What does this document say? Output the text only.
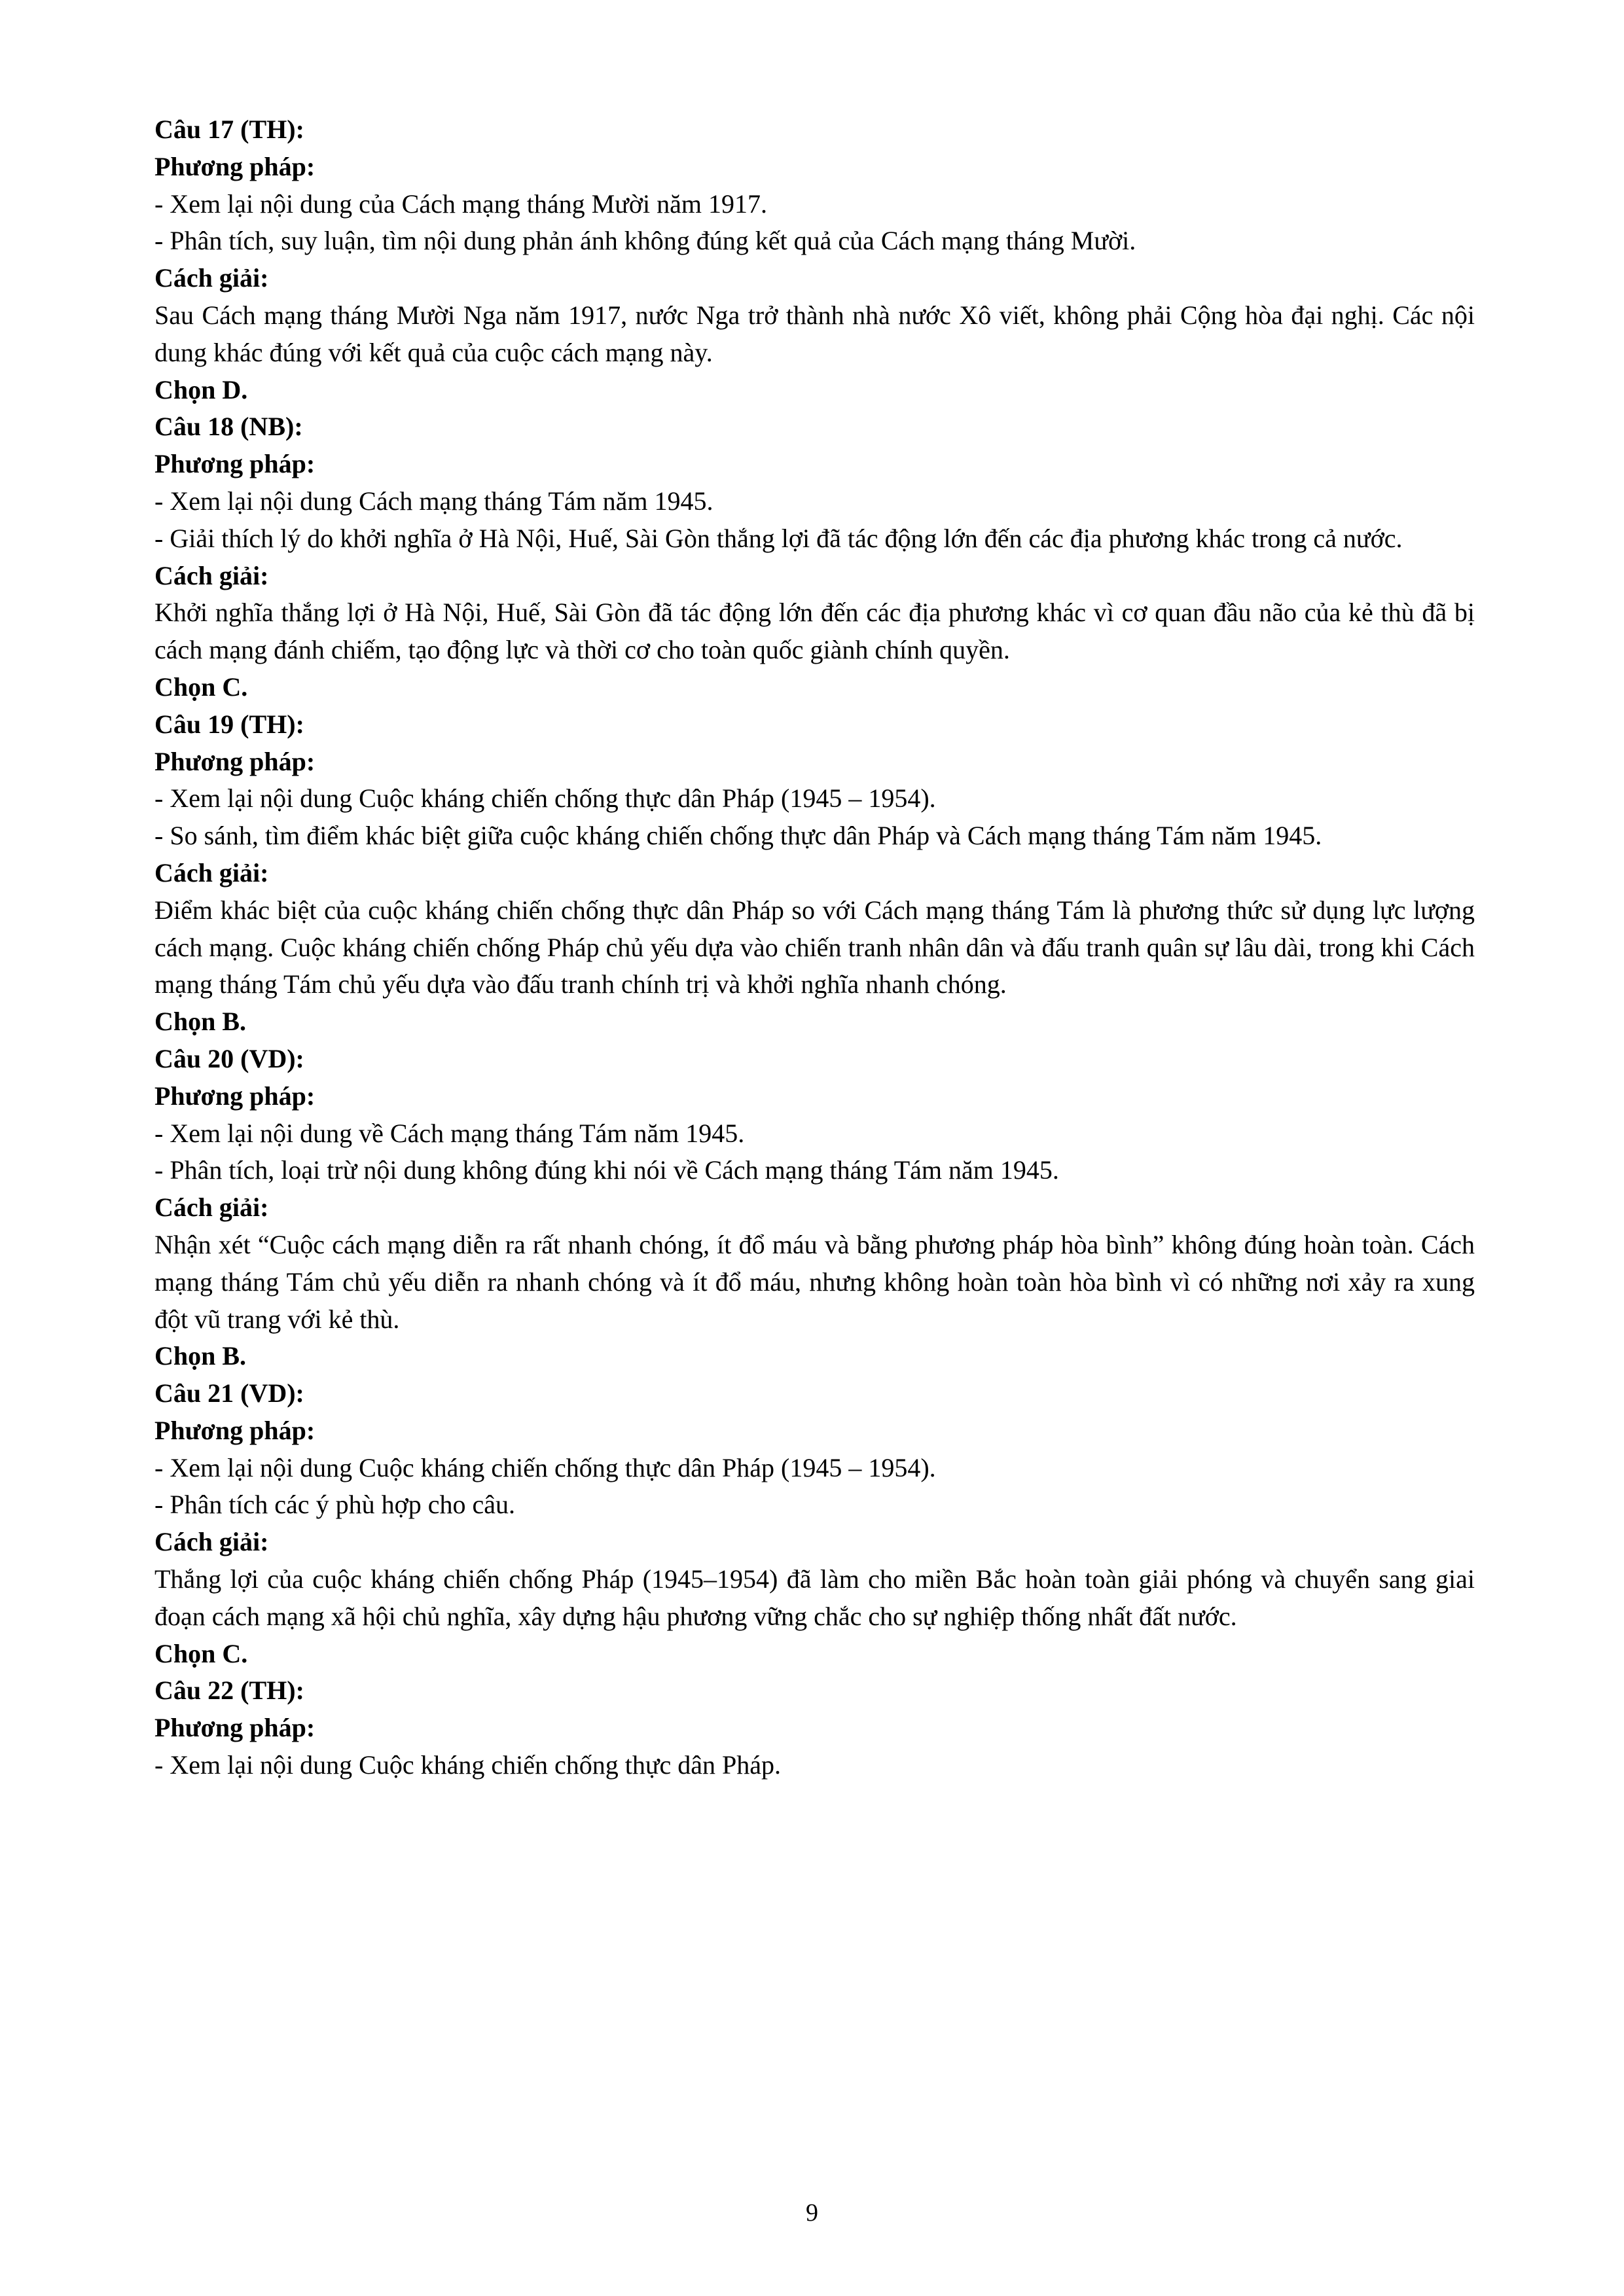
Câu 17 (TH):
Phương pháp:
- Xem lại nội dung của Cách mạng tháng Mười năm 1917.
- Phân tích, suy luận, tìm nội dung phản ánh không đúng kết quả của Cách mạng tháng Mười.
Cách giải:
Sau Cách mạng tháng Mười Nga năm 1917, nước Nga trở thành nhà nước Xô viết, không phải Cộng hòa đại nghị. Các nội dung khác đúng với kết quả của cuộc cách mạng này.
Chọn D.
Câu 18 (NB):
Phương pháp:
- Xem lại nội dung Cách mạng tháng Tám năm 1945.
- Giải thích lý do khởi nghĩa ở Hà Nội, Huế, Sài Gòn thắng lợi đã tác động lớn đến các địa phương khác trong cả nước.
Cách giải:
Khởi nghĩa thắng lợi ở Hà Nội, Huế, Sài Gòn đã tác động lớn đến các địa phương khác vì cơ quan đầu não của kẻ thù đã bị cách mạng đánh chiếm, tạo động lực và thời cơ cho toàn quốc giành chính quyền.
Chọn C.
Câu 19 (TH):
Phương pháp:
- Xem lại nội dung Cuộc kháng chiến chống thực dân Pháp (1945 – 1954).
- So sánh, tìm điểm khác biệt giữa cuộc kháng chiến chống thực dân Pháp và Cách mạng tháng Tám năm 1945.
Cách giải:
Điểm khác biệt của cuộc kháng chiến chống thực dân Pháp so với Cách mạng tháng Tám là phương thức sử dụng lực lượng cách mạng. Cuộc kháng chiến chống Pháp chủ yếu dựa vào chiến tranh nhân dân và đấu tranh quân sự lâu dài, trong khi Cách mạng tháng Tám chủ yếu dựa vào đấu tranh chính trị và khởi nghĩa nhanh chóng.
Chọn B.
Câu 20 (VD):
Phương pháp:
- Xem lại nội dung về Cách mạng tháng Tám năm 1945.
- Phân tích, loại trừ nội dung không đúng khi nói về Cách mạng tháng Tám năm 1945.
Cách giải:
Nhận xét “Cuộc cách mạng diễn ra rất nhanh chóng, ít đổ máu và bằng phương pháp hòa bình” không đúng hoàn toàn. Cách mạng tháng Tám chủ yếu diễn ra nhanh chóng và ít đổ máu, nhưng không hoàn toàn hòa bình vì có những nơi xảy ra xung đột vũ trang với kẻ thù.
Chọn B.
Câu 21 (VD):
Phương pháp:
- Xem lại nội dung Cuộc kháng chiến chống thực dân Pháp (1945 – 1954).
- Phân tích các ý phù hợp cho câu.
Cách giải:
Thắng lợi của cuộc kháng chiến chống Pháp (1945–1954) đã làm cho miền Bắc hoàn toàn giải phóng và chuyển sang giai đoạn cách mạng xã hội chủ nghĩa, xây dựng hậu phương vững chắc cho sự nghiệp thống nhất đất nước.
Chọn C.
Câu 22 (TH):
Phương pháp:
- Xem lại nội dung Cuộc kháng chiến chống thực dân Pháp.
9
